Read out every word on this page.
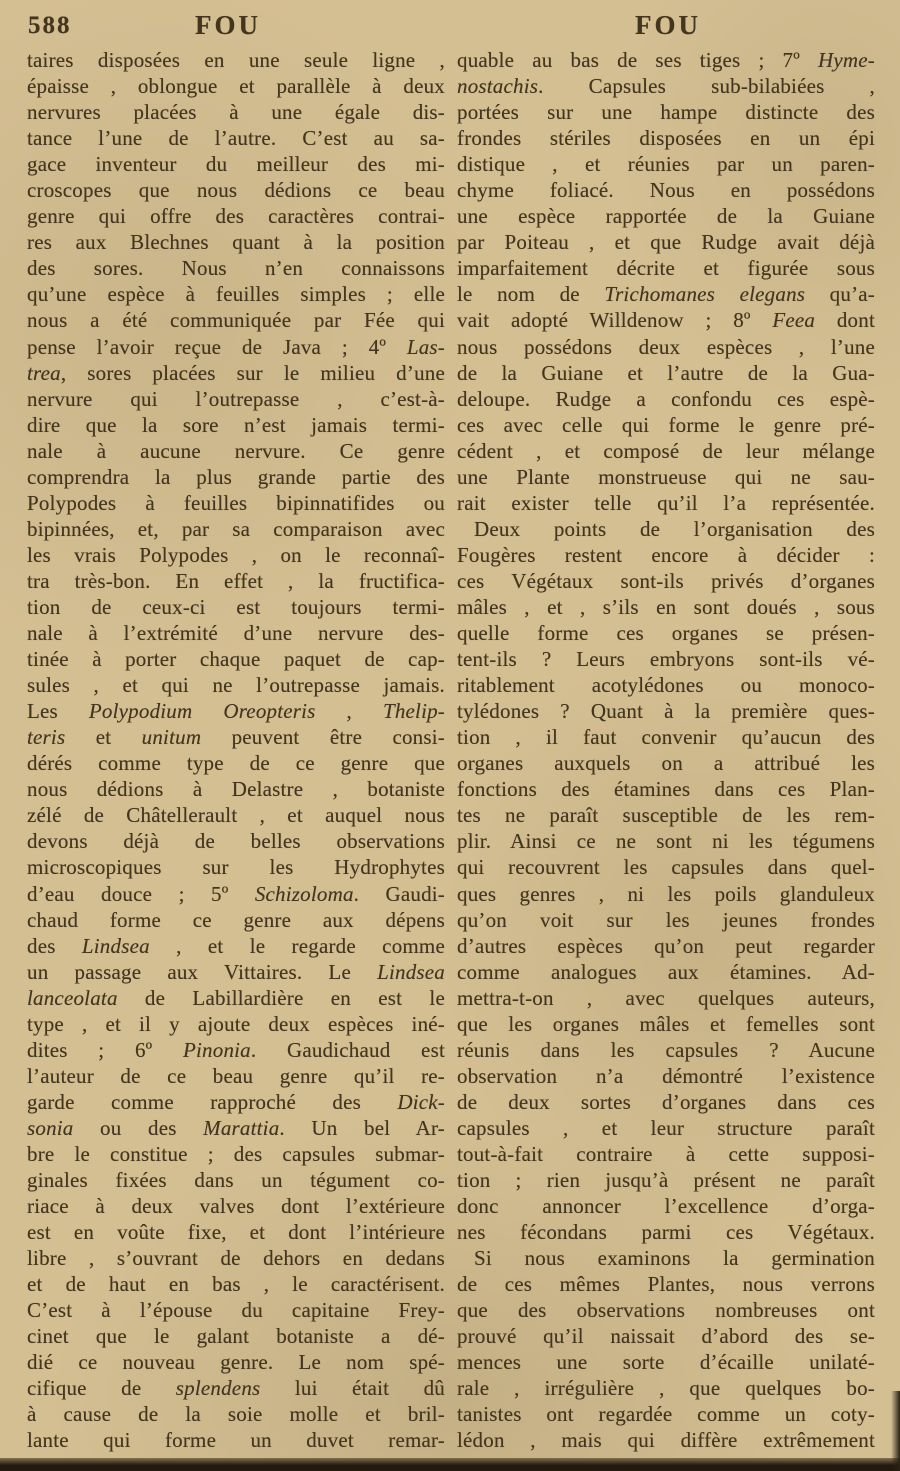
588	FOU	FOU
taires disposées en une seule ligne ,
épaisse , oblongue et parallèle à deux
nervures placées à une égale dis-
tance l’une de l’autre. C’est au sa-
gace inventeur du meilleur des mi-
croscopes que nous dédions ce beau
genre qui offre des caractères contrai-
res aux Blechnes quant à la position
des sores. Nous n’en connaissons
qu’une espèce à feuilles simples ; elle
nous a été communiquée par Fée qui
pense l’avoir reçue de Java ; 4º Las-
trea, sores placées sur le milieu d’une
nervure qui l’outrepasse , c’est-à-
dire que la sore n’est jamais termi-
nale à aucune nervure. Ce genre
comprendra la plus grande partie des
Polypodes à feuilles bipinnatifides ou
bipinnées, et, par sa comparaison avec
les vrais Polypodes , on le reconnaî-
tra très-bon. En effet , la fructifica-
tion de ceux-ci est toujours termi-
nale à l’extrémité d’une nervure des-
tinée à porter chaque paquet de cap-
sules , et qui ne l’outrepasse jamais.
Les Polypodium Oreopteris , Thelip-
teris et unitum peuvent être consi-
dérés comme type de ce genre que
nous dédions à Delastre , botaniste
zélé de Châtellerault , et auquel nous
devons déjà de belles observations
microscopiques sur les Hydrophytes
d’eau douce ; 5º Schizoloma. Gaudi-
chaud forme ce genre aux dépens
des Lindsea , et le regarde comme
un passage aux Vittaires. Le Lindsea
lanceolata de Labillardière en est le
type , et il y ajoute deux espèces iné-
dites ; 6º Pinonia. Gaudichaud est
l’auteur de ce beau genre qu’il re-
garde comme rapproché des Dick-
sonia ou des Marattia. Un bel Ar-
bre le constitue ; des capsules submar-
ginales fixées dans un tégument co-
riace à deux valves dont l’extérieure
est en voûte fixe, et dont l’intérieure
libre , s’ouvrant de dehors en dedans
et de haut en bas , le caractérisent.
C’est à l’épouse du capitaine Frey-
cinet que le galant botaniste a dé-
dié ce nouveau genre. Le nom spé-
cifique de splendens lui était dû
à cause de la soie molle et bril-
lante qui forme un duvet remar-
quable au bas de ses tiges ; 7º Hyme-
nostachis. Capsules sub-bilabiées ,
portées sur une hampe distincte des
frondes stériles disposées en un épi
distique , et réunies par un paren-
chyme foliacé. Nous en possédons
une espèce rapportée de la Guiane
par Poiteau , et que Rudge avait déjà
imparfaitement décrite et figurée sous
le nom de Trichomanes elegans qu’a-
vait adopté Willdenow ; 8º Feea dont
nous possédons deux espèces , l’une
de la Guiane et l’autre de la Gua-
deloupe. Rudge a confondu ces espè-
ces avec celle qui forme le genre pré-
cédent , et composé de leur mélange
une Plante monstrueuse qui ne sau-
rait exister telle qu’il l’a représentée.
Deux points de l’organisation des
Fougères restent encore à décider :
ces Végétaux sont-ils privés d’organes
mâles , et , s’ils en sont doués , sous
quelle forme ces organes se présen-
tent-ils ? Leurs embryons sont-ils vé-
ritablement acotylédones ou monoco-
tylédones ? Quant à la première ques-
tion , il faut convenir qu’aucun des
organes auxquels on a attribué les
fonctions des étamines dans ces Plan-
tes ne paraît susceptible de les rem-
plir. Ainsi ce ne sont ni les tégumens
qui recouvrent les capsules dans quel-
ques genres , ni les poils glanduleux
qu’on voit sur les jeunes frondes
d’autres espèces qu’on peut regarder
comme analogues aux étamines. Ad-
mettra-t-on , avec quelques auteurs,
que les organes mâles et femelles sont
réunis dans les capsules ? Aucune
observation n’a démontré l’existence
de deux sortes d’organes dans ces
capsules , et leur structure paraît
tout-à-fait contraire à cette supposi-
tion ; rien jusqu’à présent ne paraît
donc annoncer l’excellence d’orga-
nes fécondans parmi ces Végétaux.
Si nous examinons la germination
de ces mêmes Plantes, nous verrons
que des observations nombreuses ont
prouvé qu’il naissait d’abord des se-
mences une sorte d’écaille unilaté-
rale , irrégulière , que quelques bo-
tanistes ont regardée comme un coty-
lédon , mais qui diffère extrêmement
